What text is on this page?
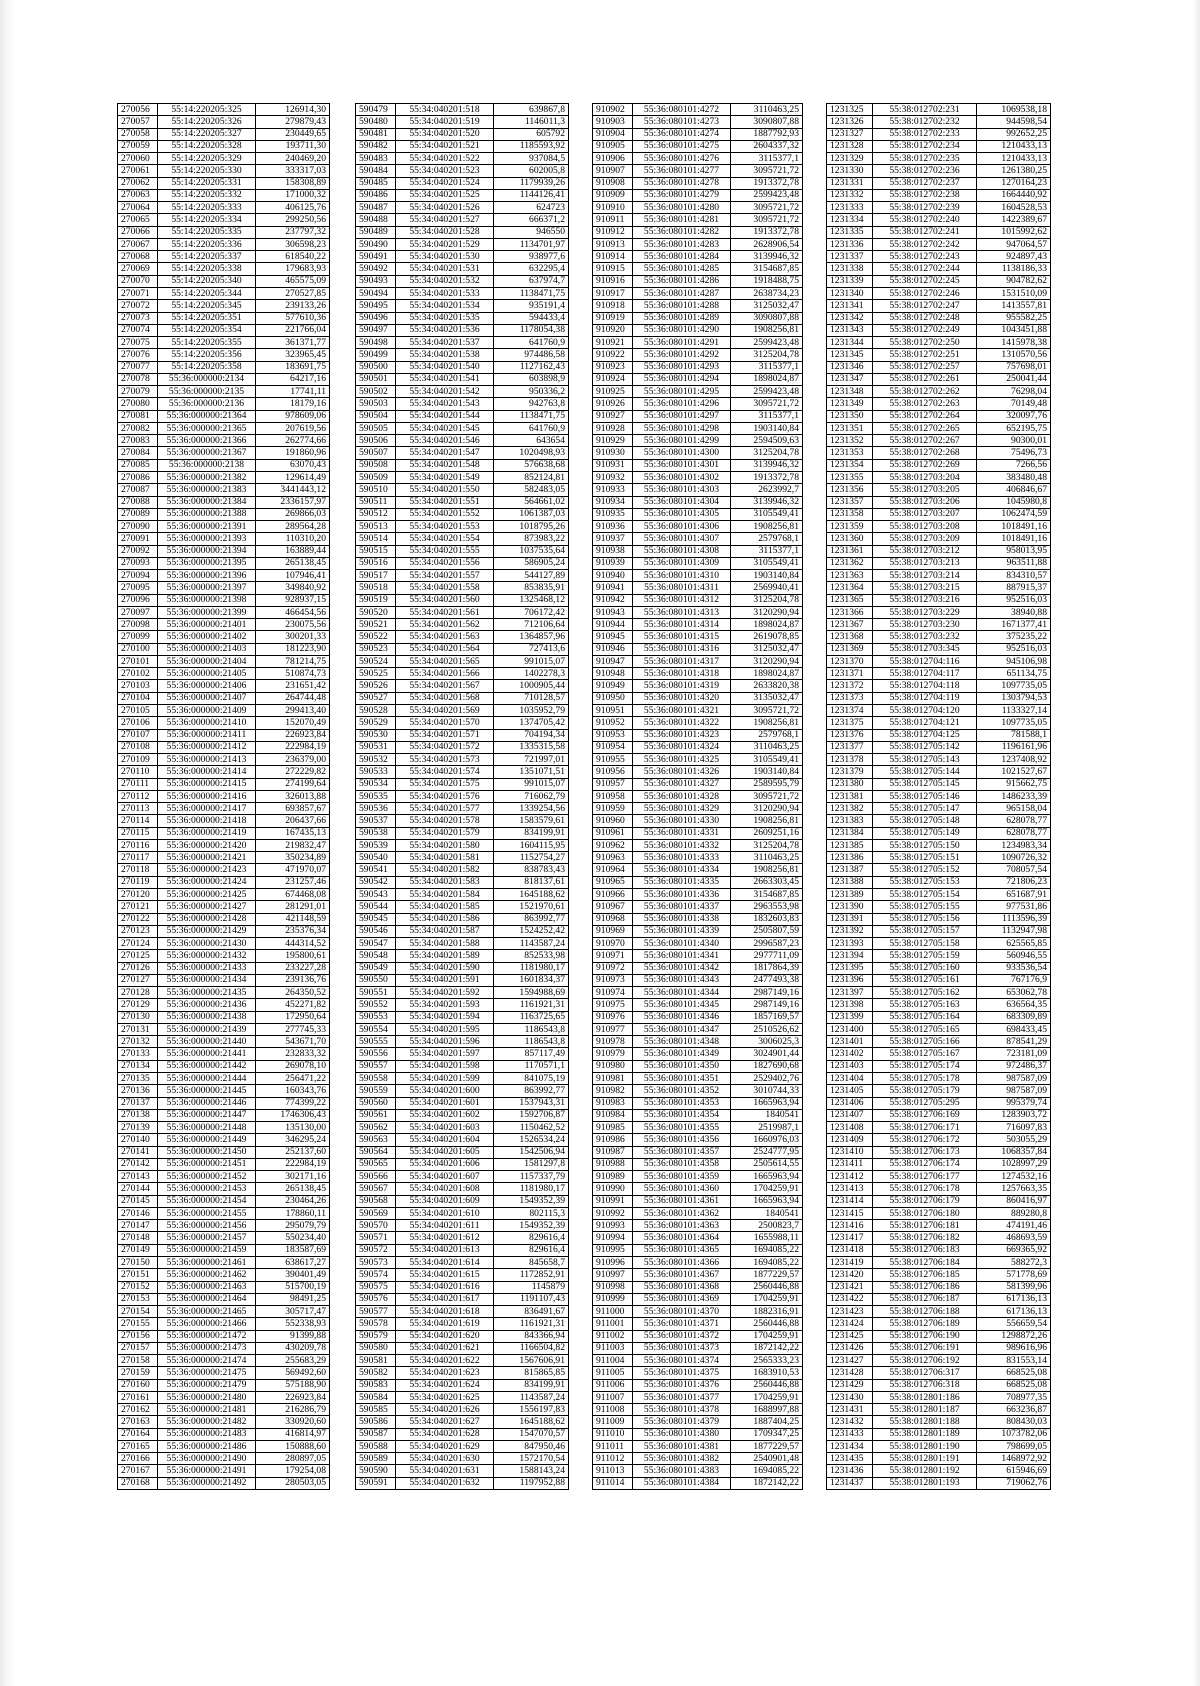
270056	55:14:220205:325	126914,30
270057	55:14:220205:326	279879,43
270058	55:14:220205:327	230449,65
270059	55:14:220205:328	193711,30
270060	55:14:220205:329	240469,20
270061	55:14:220205:330	333317,03
270062	55:14:220205:331	158308,89
270063	55:14:220205:332	171000,32
270064	55:14:220205:333	406125,76
270065	55:14:220205:334	299250,56
270066	55:14:220205:335	237797,32
270067	55:14:220205:336	306598,23
270068	55:14:220205:337	618540,22
270069	55:14:220205:338	179683,93
270070	55:14:220205:340	465575,09
270071	55:14:220205:344	270527,85
270072	55:14:220205:345	239133,26
270073	55:14:220205:351	577610,36
270074	55:14:220205:354	221766,04
270075	55:14:220205:355	361371,77
270076	55:14:220205:356	323965,45
270077	55:14:220205:358	183691,75
270078	55:36:000000:2134	64217,16
270079	55:36:000000:2135	17741,11
270080	55:36:000000:2136	18179,16
270081	55:36:000000:21364	978609,06
270082	55:36:000000:21365	207619,56
270083	55:36:000000:21366	262774,66
270084	55:36:000000:21367	191860,96
270085	55:36:000000:2138	63070,43
270086	55:36:000000:21382	129614,49
270087	55:36:000000:21383	3441443,12
270088	55:36:000000:21384	2336157,97
270089	55:36:000000:21388	269866,03
270090	55:36:000000:21391	289564,28
270091	55:36:000000:21393	110310,20
270092	55:36:000000:21394	163889,44
270093	55:36:000000:21395	265138,45
270094	55:36:000000:21396	107946,41
270095	55:36:000000:21397	349840,92
270096	55:36:000000:21398	928937,15
270097	55:36:000000:21399	466454,56
270098	55:36:000000:21401	230075,56
270099	55:36:000000:21402	300201,33
270100	55:36:000000:21403	181223,90
270101	55:36:000000:21404	781214,75
270102	55:36:000000:21405	510874,73
270103	55:36:000000:21406	231651,42
270104	55:36:000000:21407	264744,48
270105	55:36:000000:21409	299413,40
270106	55:36:000000:21410	152070,49
270107	55:36:000000:21411	226923,84
270108	55:36:000000:21412	222984,19
270109	55:36:000000:21413	236379,00
270110	55:36:000000:21414	272229,82
270111	55:36:000000:21415	274199,64
270112	55:36:000000:21416	326013,88
270113	55:36:000000:21417	693857,67
270114	55:36:000000:21418	206437,66
270115	55:36:000000:21419	167435,13
270116	55:36:000000:21420	219832,47
270117	55:36:000000:21421	350234,89
270118	55:36:000000:21423	471970,07
270119	55:36:000000:21424	231257,46
270120	55:36:000000:21425	674468,08
270121	55:36:000000:21427	281291,01
270122	55:36:000000:21428	421148,59
270123	55:36:000000:21429	235376,34
270124	55:36:000000:21430	444314,52
270125	55:36:000000:21432	195800,61
270126	55:36:000000:21433	233227,28
270127	55:36:000000:21434	239136,76
270128	55:36:000000:21435	264350,52
270129	55:36:000000:21436	452271,82
270130	55:36:000000:21438	172950,64
270131	55:36:000000:21439	277745,33
270132	55:36:000000:21440	543671,70
270133	55:36:000000:21441	232833,32
270134	55:36:000000:21442	269078,10
270135	55:36:000000:21444	256471,22
270136	55:36:000000:21445	160343,76
270137	55:36:000000:21446	774399,22
270138	55:36:000000:21447	1746306,43
270139	55:36:000000:21448	135130,00
270140	55:36:000000:21449	346295,24
270141	55:36:000000:21450	252137,60
270142	55:36:000000:21451	222984,19
270143	55:36:000000:21452	302171,16
270144	55:36:000000:21453	265138,45
270145	55:36:000000:21454	230464,26
270146	55:36:000000:21455	178860,11
270147	55:36:000000:21456	295079,79
270148	55:36:000000:21457	550234,40
270149	55:36:000000:21459	183587,69
270150	55:36:000000:21461	638617,27
270151	55:36:000000:21462	390401,49
270152	55:36:000000:21463	515700,19
270153	55:36:000000:21464	98491,25
270154	55:36:000000:21465	305717,47
270155	55:36:000000:21466	552338,93
270156	55:36:000000:21472	91399,88
270157	55:36:000000:21473	430209,78
270158	55:36:000000:21474	255683,29
270159	55:36:000000:21475	569492,60
270160	55:36:000000:21479	575188,90
270161	55:36:000000:21480	226923,84
270162	55:36:000000:21481	216286,79
270163	55:36:000000:21482	330920,60
270164	55:36:000000:21483	416814,97
270165	55:36:000000:21486	150888,60
270166	55:36:000000:21490	280897,05
270167	55:36:000000:21491	179254,08
270168	55:36:000000:21492	280503,05
590479	55:34:040201:518	639867,8
590480	55:34:040201:519	1146011,3
590481	55:34:040201:520	605792
590482	55:34:040201:521	1185593,92
590483	55:34:040201:522	937084,5
590484	55:34:040201:523	602005,8
590485	55:34:040201:524	1179939,26
590486	55:34:040201:525	1144126,41
590487	55:34:040201:526	624723
590488	55:34:040201:527	666371,2
590489	55:34:040201:528	946550
590490	55:34:040201:529	1134701,97
590491	55:34:040201:530	938977,6
590492	55:34:040201:531	632295,4
590493	55:34:040201:532	637974,7
590494	55:34:040201:533	1138471,75
590495	55:34:040201:534	935191,4
590496	55:34:040201:535	594433,4
590497	55:34:040201:536	1178054,38
590498	55:34:040201:537	641760,9
590499	55:34:040201:538	974486,58
590500	55:34:040201:540	1127162,43
590501	55:34:040201:541	603898,9
590502	55:34:040201:542	950336,2
590503	55:34:040201:543	942763,8
590504	55:34:040201:544	1138471,75
590505	55:34:040201:545	641760,9
590506	55:34:040201:546	643654
590507	55:34:040201:547	1020498,93
590508	55:34:040201:548	576638,68
590509	55:34:040201:549	852124,81
590510	55:34:040201:550	582483,05
590511	55:34:040201:551	564661,02
590512	55:34:040201:552	1061387,03
590513	55:34:040201:553	1018795,26
590514	55:34:040201:554	873983,22
590515	55:34:040201:555	1037535,64
590516	55:34:040201:556	586905,24
590517	55:34:040201:557	544127,89
590518	55:34:040201:558	853835,91
590519	55:34:040201:560	1325468,12
590520	55:34:040201:561	706172,42
590521	55:34:040201:562	712106,64
590522	55:34:040201:563	1364857,96
590523	55:34:040201:564	727413,6
590524	55:34:040201:565	991015,07
590525	55:34:040201:566	1402278,3
590526	55:34:040201:567	1000905,44
590527	55:34:040201:568	710128,57
590528	55:34:040201:569	1035952,79
590529	55:34:040201:570	1374705,42
590530	55:34:040201:571	704194,34
590531	55:34:040201:572	1335315,58
590532	55:34:040201:573	721997,01
590533	55:34:040201:574	1351071,51
590534	55:34:040201:575	991015,07
590535	55:34:040201:576	716062,79
590536	55:34:040201:577	1339254,56
590537	55:34:040201:578	1583579,61
590538	55:34:040201:579	834199,91
590539	55:34:040201:580	1604115,95
590540	55:34:040201:581	1152754,27
590541	55:34:040201:582	838783,43
590542	55:34:040201:583	818137,61
590543	55:34:040201:584	1645188,62
590544	55:34:040201:585	1521970,61
590545	55:34:040201:586	863992,77
590546	55:34:040201:587	1524252,42
590547	55:34:040201:588	1143587,24
590548	55:34:040201:589	852533,98
590549	55:34:040201:590	1181980,17
590550	55:34:040201:591	1601834,37
590551	55:34:040201:592	1594988,69
590552	55:34:040201:593	1161921,31
590553	55:34:040201:594	1163725,65
590554	55:34:040201:595	1186543,8
590555	55:34:040201:596	1186543,8
590556	55:34:040201:597	857117,49
590557	55:34:040201:598	1170571,1
590558	55:34:040201:599	841075,19
590559	55:34:040201:600	863992,77
590560	55:34:040201:601	1537943,31
590561	55:34:040201:602	1592706,87
590562	55:34:040201:603	1150462,52
590563	55:34:040201:604	1526534,24
590564	55:34:040201:605	1542506,94
590565	55:34:040201:606	1581297,8
590566	55:34:040201:607	1157337,79
590567	55:34:040201:608	1181980,17
590568	55:34:040201:609	1549352,39
590569	55:34:040201:610	802115,3
590570	55:34:040201:611	1549352,39
590571	55:34:040201:612	829616,4
590572	55:34:040201:613	829616,4
590573	55:34:040201:614	845658,7
590574	55:34:040201:615	1172852,91
590575	55:34:040201:616	1145879
590576	55:34:040201:617	1191107,43
590577	55:34:040201:618	836491,67
590578	55:34:040201:619	1161921,31
590579	55:34:040201:620	843366,94
590580	55:34:040201:621	1166504,82
590581	55:34:040201:622	1567606,91
590582	55:34:040201:623	815865,85
590583	55:34:040201:624	834199,91
590584	55:34:040201:625	1143587,24
590585	55:34:040201:626	1556197,83
590586	55:34:040201:627	1645188,62
590587	55:34:040201:628	1547070,57
590588	55:34:040201:629	847950,46
590589	55:34:040201:630	1572170,54
590590	55:34:040201:631	1588143,24
590591	55:34:040201:632	1197952,88
910902	55:36:080101:4272	3110463,25
910903	55:36:080101:4273	3090807,88
910904	55:36:080101:4274	1887792,93
910905	55:36:080101:4275	2604337,32
910906	55:36:080101:4276	3115377,1
910907	55:36:080101:4277	3095721,72
910908	55:36:080101:4278	1913372,78
910909	55:36:080101:4279	2599423,48
910910	55:36:080101:4280	3095721,72
910911	55:36:080101:4281	3095721,72
910912	55:36:080101:4282	1913372,78
910913	55:36:080101:4283	2628906,54
910914	55:36:080101:4284	3139946,32
910915	55:36:080101:4285	3154687,85
910916	55:36:080101:4286	1918488,75
910917	55:36:080101:4287	2638734,23
910918	55:36:080101:4288	3125032,47
910919	55:36:080101:4289	3090807,88
910920	55:36:080101:4290	1908256,81
910921	55:36:080101:4291	2599423,48
910922	55:36:080101:4292	3125204,78
910923	55:36:080101:4293	3115377,1
910924	55:36:080101:4294	1898024,87
910925	55:36:080101:4295	2599423,48
910926	55:36:080101:4296	3095721,72
910927	55:36:080101:4297	3115377,1
910928	55:36:080101:4298	1903140,84
910929	55:36:080101:4299	2594509,63
910930	55:36:080101:4300	3125204,78
910931	55:36:080101:4301	3139946,32
910932	55:36:080101:4302	1913372,78
910933	55:36:080101:4303	2623992,7
910934	55:36:080101:4304	3139946,32
910935	55:36:080101:4305	3105549,41
910936	55:36:080101:4306	1908256,81
910937	55:36:080101:4307	2579768,1
910938	55:36:080101:4308	3115377,1
910939	55:36:080101:4309	3105549,41
910940	55:36:080101:4310	1903140,84
910941	55:36:080101:4311	2569940,41
910942	55:36:080101:4312	3125204,78
910943	55:36:080101:4313	3120290,94
910944	55:36:080101:4314	1898024,87
910945	55:36:080101:4315	2619078,85
910946	55:36:080101:4316	3125032,47
910947	55:36:080101:4317	3120290,94
910948	55:36:080101:4318	1898024,87
910949	55:36:080101:4319	2633820,38
910950	55:36:080101:4320	3135032,47
910951	55:36:080101:4321	3095721,72
910952	55:36:080101:4322	1908256,81
910953	55:36:080101:4323	2579768,1
910954	55:36:080101:4324	3110463,25
910955	55:36:080101:4325	3105549,41
910956	55:36:080101:4326	1903140,84
910957	55:36:080101:4327	2589595,79
910958	55:36:080101:4328	3095721,72
910959	55:36:080101:4329	3120290,94
910960	55:36:080101:4330	1908256,81
910961	55:36:080101:4331	2609251,16
910962	55:36:080101:4332	3125204,78
910963	55:36:080101:4333	3110463,25
910964	55:36:080101:4334	1908256,81
910965	55:36:080101:4335	2663303,45
910966	55:36:080101:4336	3154687,85
910967	55:36:080101:4337	2963553,98
910968	55:36:080101:4338	1832603,83
910969	55:36:080101:4339	2505807,59
910970	55:36:080101:4340	2996587,23
910971	55:36:080101:4341	2977711,09
910972	55:36:080101:4342	1817864,39
910973	55:36:080101:4343	2477493,38
910974	55:36:080101:4344	2987149,16
910975	55:36:080101:4345	2987149,16
910976	55:36:080101:4346	1857169,57
910977	55:36:080101:4347	2510526,62
910978	55:36:080101:4348	3006025,3
910979	55:36:080101:4349	3024901,44
910980	55:36:080101:4350	1827690,68
910981	55:36:080101:4351	2529402,76
910982	55:36:080101:4352	3010744,33
910983	55:36:080101:4353	1665963,94
910984	55:36:080101:4354	1840541
910985	55:36:080101:4355	2519987,1
910986	55:36:080101:4356	1660976,03
910987	55:36:080101:4357	2524777,95
910988	55:36:080101:4358	2505614,55
910989	55:36:080101:4359	1665963,94
910990	55:36:080101:4360	1704259,91
910991	55:36:080101:4361	1665963,94
910992	55:36:080101:4362	1840541
910993	55:36:080101:4363	2500823,7
910994	55:36:080101:4364	1655988,11
910995	55:36:080101:4365	1694085,22
910996	55:36:080101:4366	1694085,22
910997	55:36:080101:4367	1877229,57
910998	55:36:080101:4368	2560446,88
910999	55:36:080101:4369	1704259,91
911000	55:36:080101:4370	1882316,91
911001	55:36:080101:4371	2560446,88
911002	55:36:080101:4372	1704259,91
911003	55:36:080101:4373	1872142,22
911004	55:36:080101:4374	2565333,23
911005	55:36:080101:4375	1683910,53
911006	55:36:080101:4376	2560446,88
911007	55:36:080101:4377	1704259,91
911008	55:36:080101:4378	1688997,88
911009	55:36:080101:4379	1887404,25
911010	55:36:080101:4380	1709347,25
911011	55:36:080101:4381	1877229,57
911012	55:36:080101:4382	2540901,48
911013	55:36:080101:4383	1694085,22
911014	55:36:080101:4384	1872142,22
1231325	55:38:012702:231	1069538,18
1231326	55:38:012702:232	944598,54
1231327	55:38:012702:233	992652,25
1231328	55:38:012702:234	1210433,13
1231329	55:38:012702:235	1210433,13
1231330	55:38:012702:236	1261380,25
1231331	55:38:012702:237	1270164,23
1231332	55:38:012702:238	1664440,92
1231333	55:38:012702:239	1604528,53
1231334	55:38:012702:240	1422389,67
1231335	55:38:012702:241	1015992,62
1231336	55:38:012702:242	947064,57
1231337	55:38:012702:243	924897,43
1231338	55:38:012702:244	1138186,33
1231339	55:38:012702:245	904782,62
1231340	55:38:012702:246	1531510,09
1231341	55:38:012702:247	1413557,81
1231342	55:38:012702:248	955582,25
1231343	55:38:012702:249	1043451,88
1231344	55:38:012702:250	1415978,38
1231345	55:38:012702:251	1310570,56
1231346	55:38:012702:257	757698,01
1231347	55:38:012702:261	250041,44
1231348	55:38:012702:262	76298,04
1231349	55:38:012702:263	70149,48
1231350	55:38:012702:264	320097,76
1231351	55:38:012702:265	652195,75
1231352	55:38:012702:267	90300,01
1231353	55:38:012702:268	75496,73
1231354	55:38:012702:269	7266,56
1231355	55:38:012703:204	383480,48
1231356	55:38:012703:205	406846,67
1231357	55:38:012703:206	1045980,8
1231358	55:38:012703:207	1062474,59
1231359	55:38:012703:208	1018491,16
1231360	55:38:012703:209	1018491,16
1231361	55:38:012703:212	958013,95
1231362	55:38:012703:213	963511,88
1231363	55:38:012703:214	834310,57
1231364	55:38:012703:215	887915,37
1231365	55:38:012703:216	952516,03
1231366	55:38:012703:229	38940,88
1231367	55:38:012703:230	1671377,41
1231368	55:38:012703:232	375235,22
1231369	55:38:012703:345	952516,03
1231370	55:38:012704:116	945106,98
1231371	55:38:012704:117	651134,75
1231372	55:38:012704:118	1097735,05
1231373	55:38:012704:119	1303794,53
1231374	55:38:012704:120	1133327,14
1231375	55:38:012704:121	1097735,05
1231376	55:38:012704:125	781588,1
1231377	55:38:012705:142	1196161,96
1231378	55:38:012705:143	1237408,92
1231379	55:38:012705:144	1021527,67
1231380	55:38:012705:145	915662,75
1231381	55:38:012705:146	1486233,39
1231382	55:38:012705:147	965158,04
1231383	55:38:012705:148	628078,77
1231384	55:38:012705:149	628078,77
1231385	55:38:012705:150	1234983,34
1231386	55:38:012705:151	1090726,32
1231387	55:38:012705:152	708057,54
1231388	55:38:012705:153	721806,23
1231389	55:38:012705:154	651687,91
1231390	55:38:012705:155	977531,86
1231391	55:38:012705:156	1113596,39
1231392	55:38:012705:157	1132947,98
1231393	55:38:012705:158	625565,85
1231394	55:38:012705:159	560946,55
1231395	55:38:012705:160	933536,54
1231396	55:38:012705:161	767176,9
1231397	55:38:012705:162	653062,78
1231398	55:38:012705:163	636564,35
1231399	55:38:012705:164	683309,89
1231400	55:38:012705:165	698433,45
1231401	55:38:012705:166	878541,29
1231402	55:38:012705:167	723181,09
1231403	55:38:012705:174	972486,37
1231404	55:38:012705:178	987587,09
1231405	55:38:012705:179	987587,09
1231406	55:38:012705:295	995379,74
1231407	55:38:012706:169	1283903,72
1231408	55:38:012706:171	716097,83
1231409	55:38:012706:172	503055,29
1231410	55:38:012706:173	1068357,84
1231411	55:38:012706:174	1028997,29
1231412	55:38:012706:177	1274532,16
1231413	55:38:012706:178	1257663,35
1231414	55:38:012706:179	860416,97
1231415	55:38:012706:180	889280,8
1231416	55:38:012706:181	474191,46
1231417	55:38:012706:182	468693,59
1231418	55:38:012706:183	669365,92
1231419	55:38:012706:184	588272,3
1231420	55:38:012706:185	571778,69
1231421	55:38:012706:186	581399,96
1231422	55:38:012706:187	617136,13
1231423	55:38:012706:188	617136,13
1231424	55:38:012706:189	556659,54
1231425	55:38:012706:190	1298872,26
1231426	55:38:012706:191	989616,96
1231427	55:38:012706:192	831553,14
1231428	55:38:012706:317	668525,08
1231429	55:38:012706:318	668525,08
1231430	55:38:012801:186	708977,35
1231431	55:38:012801:187	663236,87
1231432	55:38:012801:188	808430,03
1231433	55:38:012801:189	1073782,06
1231434	55:38:012801:190	798699,05
1231435	55:38:012801:191	1468972,92
1231436	55:38:012801:192	615946,69
1231437	55:38:012801:193	719062,76
